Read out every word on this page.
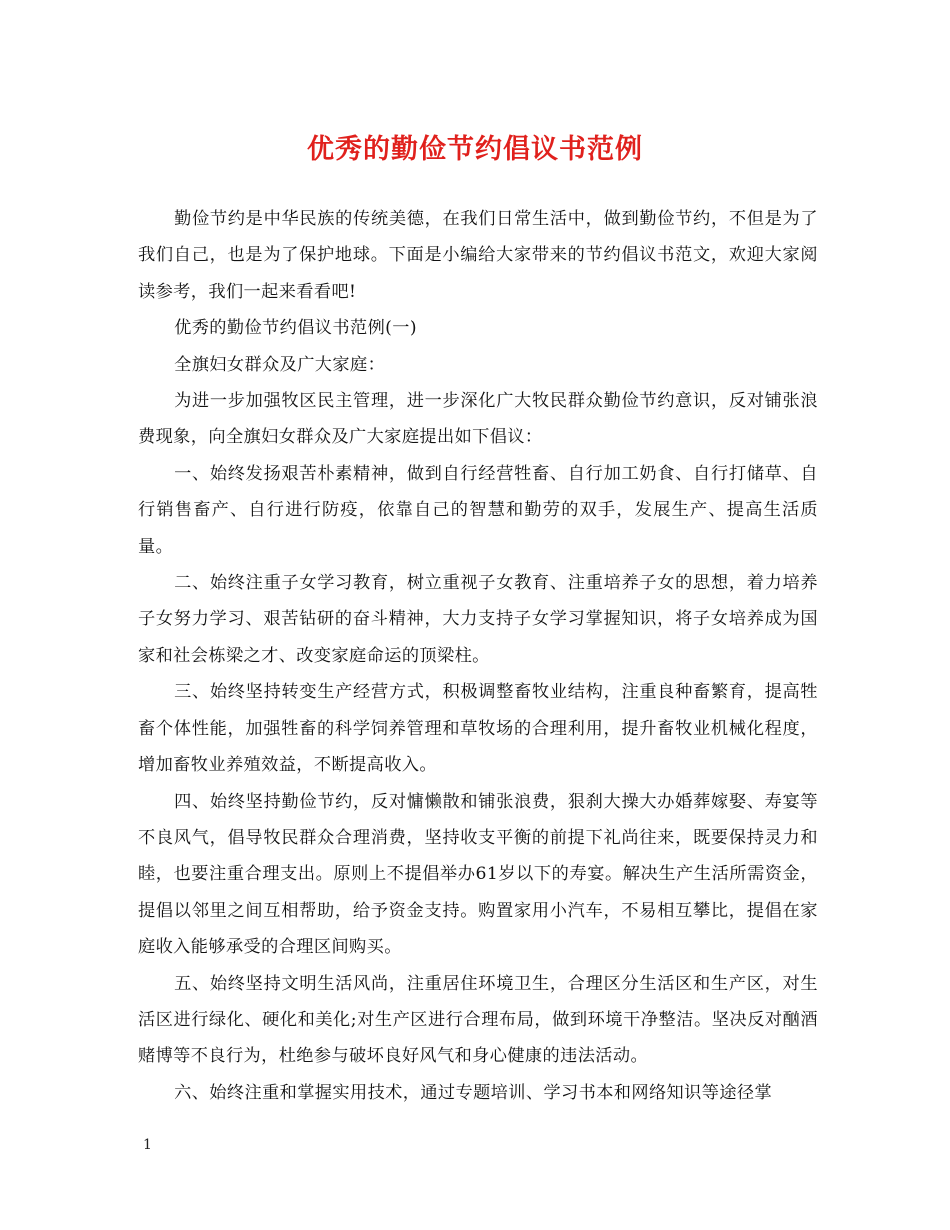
优秀的勤俭节约倡议书范例

勤俭节约是中华民族的传统美德，在我们日常生活中，做到勤俭节约，不但是为了我们自己，也是为了保护地球。下面是小编给大家带来的节约倡议书范文，欢迎大家阅读参考，我们一起来看看吧!

优秀的勤俭节约倡议书范例(一)

全旗妇女群众及广大家庭：

为进一步加强牧区民主管理，进一步深化广大牧民群众勤俭节约意识，反对铺张浪费现象，向全旗妇女群众及广大家庭提出如下倡议：

一、始终发扬艰苦朴素精神，做到自行经营牲畜、自行加工奶食、自行打储草、自行销售畜产、自行进行防疫，依靠自己的智慧和勤劳的双手，发展生产、提高生活质量。

二、始终注重子女学习教育，树立重视子女教育、注重培养子女的思想，着力培养子女努力学习、艰苦钻研的奋斗精神，大力支持子女学习掌握知识，将子女培养成为国家和社会栋梁之才、改变家庭命运的顶梁柱。

三、始终坚持转变生产经营方式，积极调整畜牧业结构，注重良种畜繁育，提高牲畜个体性能，加强牲畜的科学饲养管理和草牧场的合理利用，提升畜牧业机械化程度，增加畜牧业养殖效益，不断提高收入。

四、始终坚持勤俭节约，反对慵懒散和铺张浪费，狠刹大操大办婚葬嫁娶、寿宴等不良风气，倡导牧民群众合理消费，坚持收支平衡的前提下礼尚往来，既要保持灵力和睦，也要注重合理支出。原则上不提倡举办61岁以下的寿宴。解决生产生活所需资金，提倡以邻里之间互相帮助，给予资金支持。购置家用小汽车，不易相互攀比，提倡在家庭收入能够承受的合理区间购买。

五、始终坚持文明生活风尚，注重居住环境卫生，合理区分生活区和生产区，对生活区进行绿化、硬化和美化;对生产区进行合理布局，做到环境干净整洁。坚决反对酗酒赌博等不良行为，杜绝参与破坏良好风气和身心健康的违法活动。

六、始终注重和掌握实用技术，通过专题培训、学习书本和网络知识等途径掌

1
